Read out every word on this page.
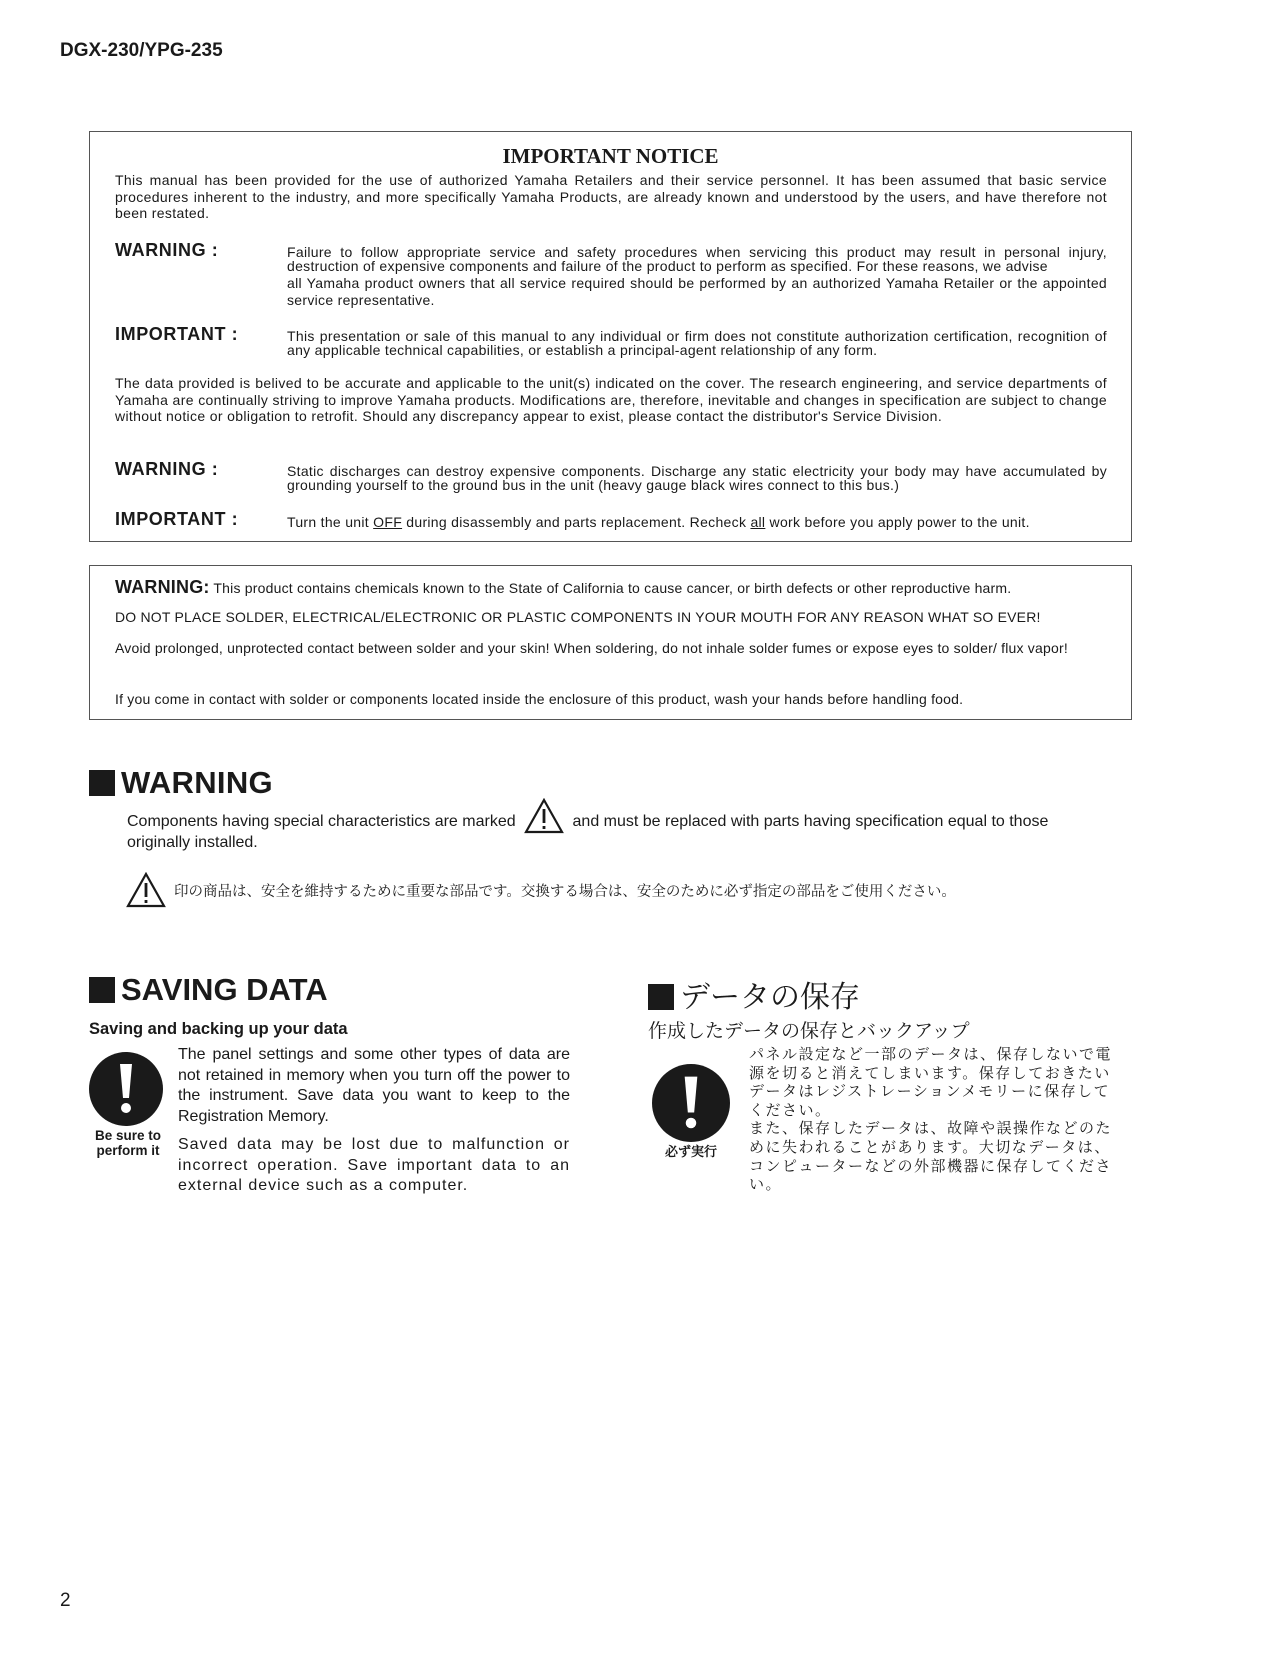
DGX-230/YPG-235
IMPORTANT NOTICE
This manual has been provided for the use of authorized Yamaha Retailers and their service personnel. It has been assumed that basic service procedures inherent to the industry, and more specifically Yamaha Products, are already known and understood by the users, and have therefore not been restated.
WARNING :	Failure to follow appropriate service and safety procedures when servicing this product may result in personal injury, destruction of expensive components and failure of the product to perform as specified. For these reasons, we advise
all Yamaha product owners that all service required should be performed by an authorized Yamaha Retailer or the appointed service representative.
IMPORTANT :	This presentation or sale of this manual to any individual or firm does not constitute authorization certification, recognition of any applicable technical capabilities, or establish a principal-agent relationship of any form.
The data provided is belived to be accurate and applicable to the unit(s) indicated on the cover. The research engineering, and service departments of Yamaha are continually striving to improve Yamaha products. Modifications are, therefore, inevitable and changes in specification are subject to change without notice or obligation to retrofit. Should any discrepancy appear to exist, please contact the distributor's Service Division.
WARNING :	Static discharges can destroy expensive components. Discharge any static electricity your body may have accumulated by grounding yourself to the ground bus in the unit (heavy gauge black wires connect to this bus.)
IMPORTANT :	Turn the unit OFF during disassembly and parts replacement. Recheck all work before you apply power to the unit.
WARNING: This product contains chemicals known to the State of California to cause cancer, or birth defects or other reproductive harm.
DO NOT PLACE SOLDER, ELECTRICAL/ELECTRONIC OR PLASTIC COMPONENTS IN YOUR MOUTH FOR ANY REASON WHAT SO EVER!
Avoid prolonged, unprotected contact between solder and your skin! When soldering, do not inhale solder fumes or expose eyes to solder/ flux vapor!
If you come in contact with solder or components located inside the enclosure of this product, wash your hands before handling food.
WARNING
Components having special characteristics are marked	and must be replaced with parts having specification equal to those originally installed.
印の商品は、安全を維持するために重要な部品です。交換する場合は、安全のために必ず指定の部品をご使用ください。
SAVING DATA
Saving and backing up your data
Be sure to perform it
The panel settings and some other types of data are not retained in memory when you turn off the power to the instrument. Save data you want to keep to the Registration Memory.
Saved data may be lost due to malfunction or incorrect operation. Save important data to an external device such as a computer.
データの保存
作成したデータの保存とバックアップ
必ず実行
パネル設定など一部のデータは、保存しないで電源を切ると消えてしまいます。保存しておきたいデータはレジストレーションメモリーに保存してください。
また、保存したデータは、故障や誤操作などのために失われることがあります。大切なデータは、コンピューターなどの外部機器に保存してください。
2
